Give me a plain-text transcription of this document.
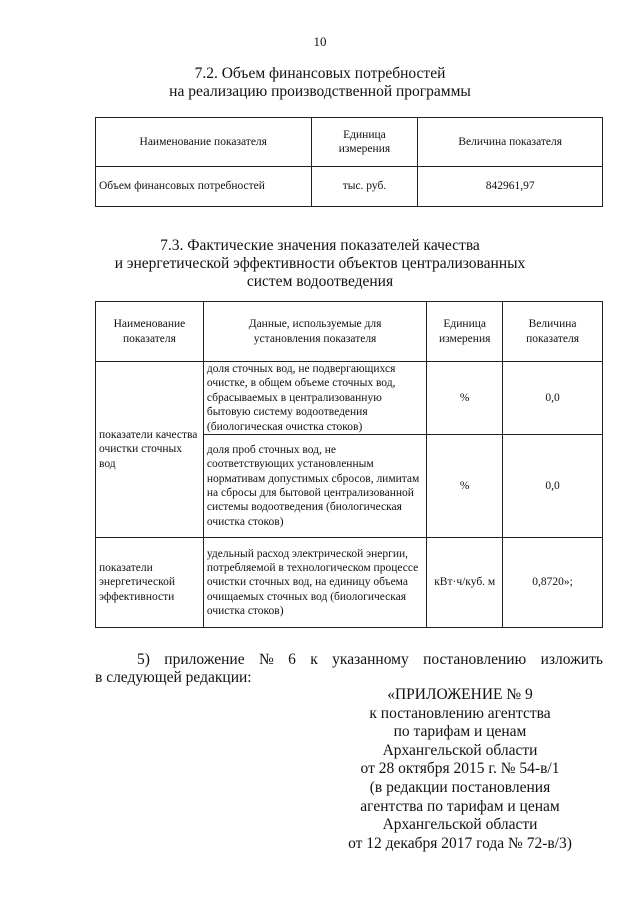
10
7.2. Объем финансовых потребностей
на реализацию производственной программы
Наименование показателя	Единица измерения	Величина показателя
Объем финансовых потребностей	тыс. руб.	842961,97
7.3. Фактические значения показателей качества
и энергетической эффективности объектов централизованных
систем водоотведения
Наименование показателя	Данные, используемые для установления показателя	Единица измерения	Величина показателя
показатели качества очистки сточных вод	доля сточных вод, не подвергающихся очистке, в общем объеме сточных вод, сбрасываемых в централизованную бытовую систему водоотведения (биологическая очистка стоков)	%	0,0
	доля проб сточных вод, не соответствующих установленным нормативам допустимых сбросов, лимитам на сбросы для бытовой централизованной системы водоотведения (биологическая очистка стоков)	%	0,0
показатели энергетической эффективности	удельный расход электрической энергии, потребляемой в технологическом процессе очистки сточных вод, на единицу объема очищаемых сточных вод (биологическая очистка стоков)	кВт·ч/куб. м	0,8720»;
5) приложение № 6 к указанному постановлению изложить
в следующей редакции:
«ПРИЛОЖЕНИЕ № 9
к постановлению агентства
по тарифам и ценам
Архангельской области
от 28 октября 2015 г. № 54-в/1
(в редакции постановления
агентства по тарифам и ценам
Архангельской области
от 12 декабря 2017 года № 72-в/3)
